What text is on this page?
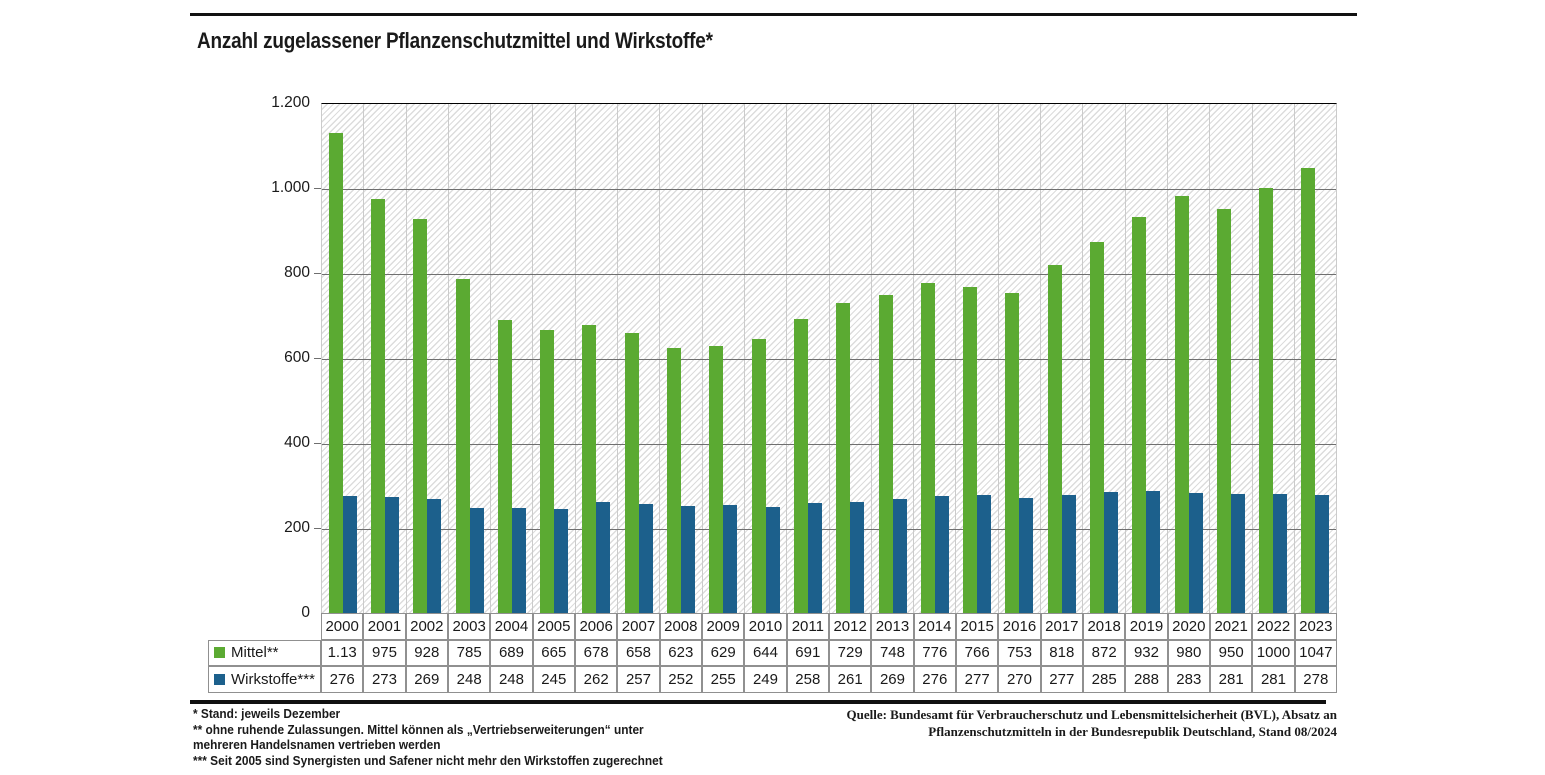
Anzahl zugelassener Pflanzenschutzmittel und Wirkstoffe*
1.200
1.000
800
600
400
200
0
2000 2001 2002 2003 2004 2005 2006 2007 2008 2009 2010 2011 2012 2013 2014 2015 2016 2017 2018 2019 2020 2021 2022 2023
Mittel**	1.13	975	928	785	689	665	678	658	623	629	644	691	729	748	776	766	753	818	872	932	980	950 1000 1047
Wirkstoffe*** 276	273	269	248	248	245	262	257	252	255	249	258	261	269	276	277	270	277	285	288	283	281	281	278
* Stand: jeweils Dezember
** ohne ruhende Zulassungen. Mittel können als „Vertriebserweiterungen“ unter
mehreren Handelsnamen vertrieben werden
*** Seit 2005 sind Synergisten und Safener nicht mehr den Wirkstoffen zugerechnet
Quelle: Bundesamt für Verbraucherschutz und Lebensmittelsicherheit (BVL), Absatz an
Pflanzenschutzmitteln in der Bundesrepublik Deutschland, Stand 08/2024
